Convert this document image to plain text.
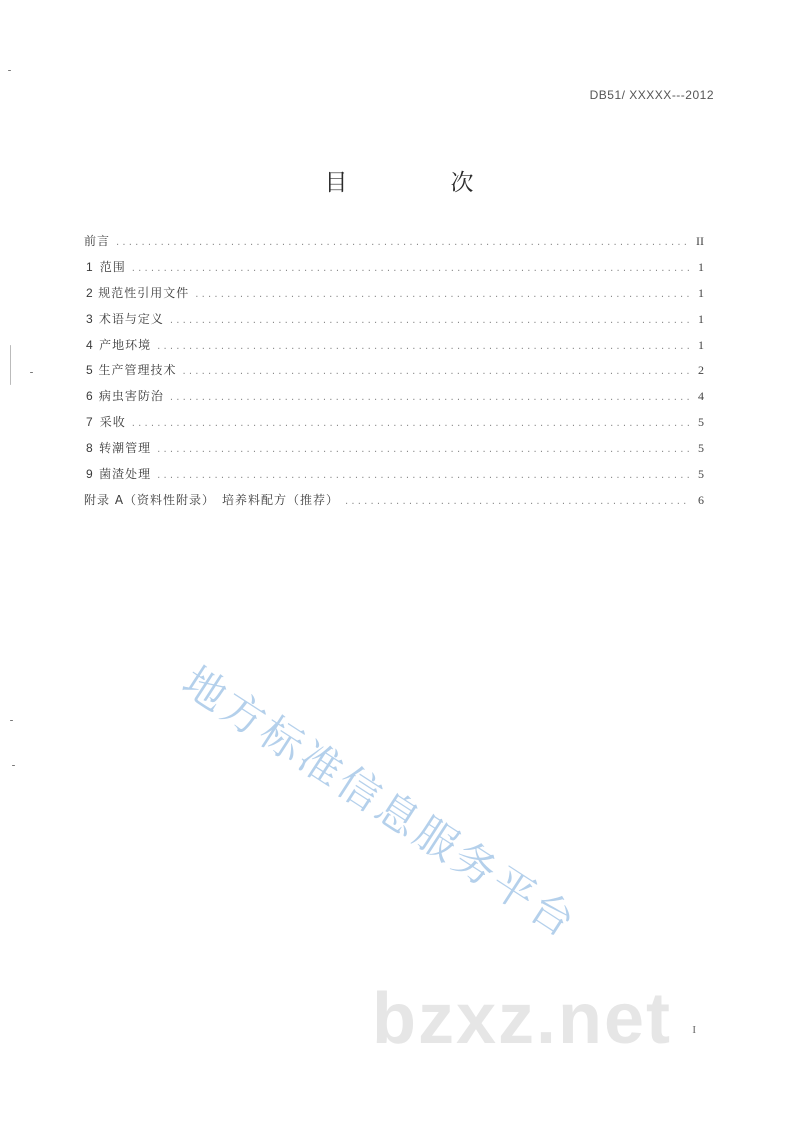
DB51/ XXXXX---2012
目　次
前言 .....	II
1 范围 .....	1
2 规范性引用文件 .....	1
3 术语与定义 .....	1
4 产地环境 .....	1
5 生产管理技术 .....	2
6 病虫害防治 .....	4
7 采收 .....	5
8 转潮管理 .....	5
9 菌渣处理 .....	5
附录 A（资料性附录）　培养料配方（推荐） .....	6
地方标准信息服务平台
bzxz.net I
